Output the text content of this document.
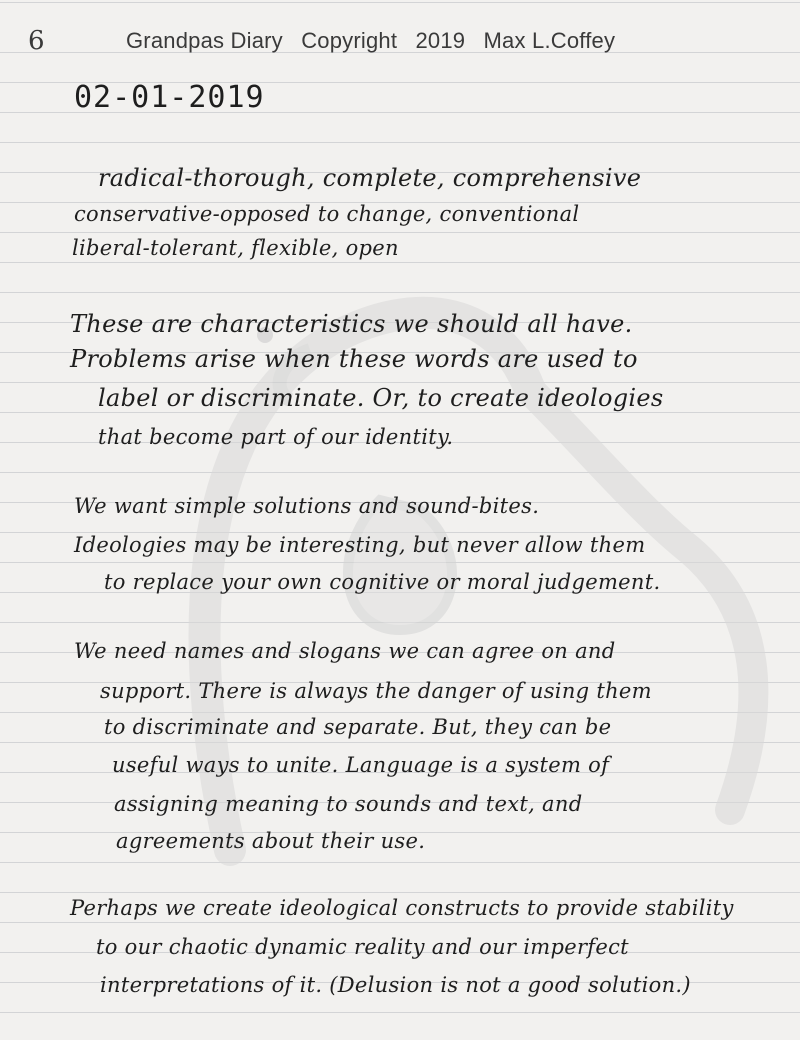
6	Grandpas Diary Copyright 2019 Max L.Coffey
02-01-2019
radical-thorough, complete, comprehensive
conservative-opposed to change, conventional
liberal-tolerant, flexible, open
These are characteristics we should all have.
Problems arise when these words are used to
label or discriminate. Or, to create ideologies
that become part of our identity.
We want simple solutions and sound-bites.
Ideologies may be interesting, but never allow them
to replace your own cognitive or moral judgement.
We need names and slogans we can agree on and
support. There is always the danger of using them
to discriminate and separate. But, they can be
useful ways to unite. Language is a system of
assigning meaning to sounds and text, and
agreements about their use.
Perhaps we create ideological constructs to provide stability
to our chaotic dynamic reality and our imperfect
interpretations of it. (Delusion is not a good solution.)
